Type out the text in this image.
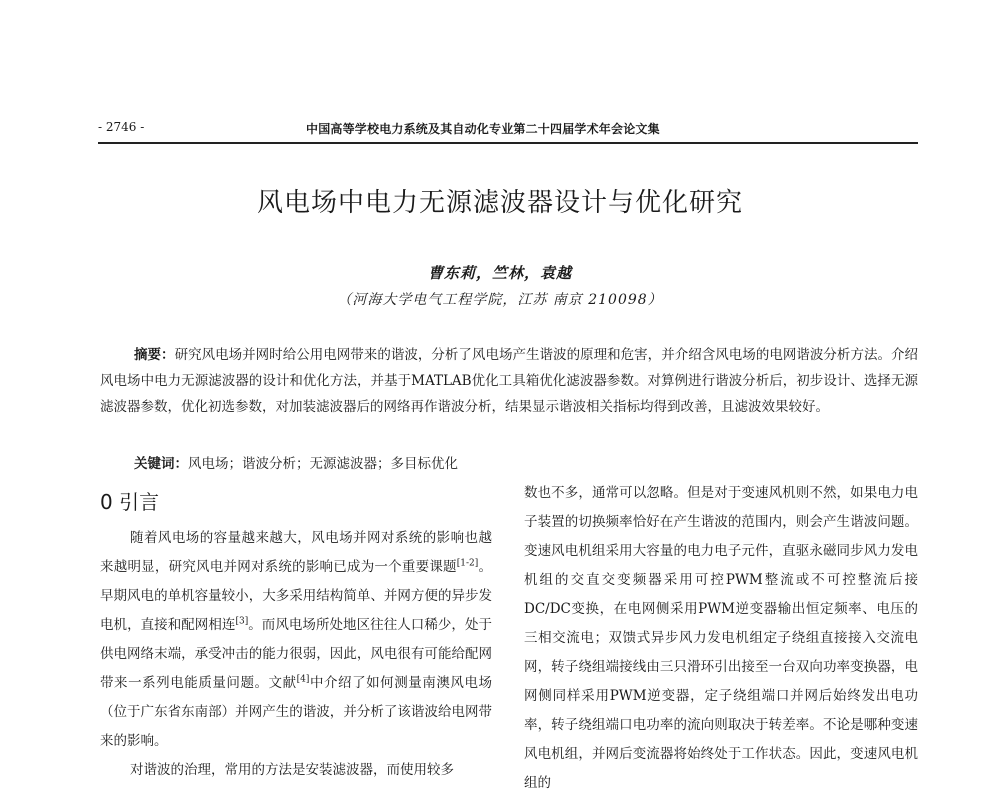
- 2746 -	中国高等学校电力系统及其自动化专业第二十四届学术年会论文集
风电场中电力无源滤波器设计与优化研究
曹东莉，竺林，袁越
（河海大学电气工程学院，江苏 南京 210098）
摘要：研究风电场并网时给公用电网带来的谐波，分析了风电场产生谐波的原理和危害，并介绍含风电场的电网谐波分析方法。介绍风电场中电力无源滤波器的设计和优化方法，并基于MATLAB优化工具箱优化滤波器参数。对算例进行谐波分析后，初步设计、选择无源滤波器参数，优化初选参数，对加装滤波器后的网络再作谐波分析，结果显示谐波相关指标均得到改善，且滤波效果较好。
关键词：风电场；谐波分析；无源滤波器；多目标优化
0 引言

随着风电场的容量越来越大，风电场并网对系统的影响也越来越明显，研究风电并网对系统的影响已成为一个重要课题[1-2]。早期风电的单机容量较小，大多采用结构简单、并网方便的异步发电机，直接和配网相连[3]。而风电场所处地区往往人口稀少，处于供电网络末端，承受冲击的能力很弱，因此，风电很有可能给配网带来一系列电能质量问题。文献[4]中介绍了如何测量南澳风电场（位于广东省东南部）并网产生的谐波，并分析了该谐波给电网带来的影响。

对谐波的治理，常用的方法是安装滤波器，而使用较多

数也不多，通常可以忽略。但是对于变速风机则不然，如果电力电子装置的切换频率恰好在产生谐波的范围内，则会产生谐波问题。变速风电机组采用大容量的电力电子元件，直驱永磁同步风力发电机组的交直交变频器采用可控PWM整流或不可控整流后接DC/DC变换，在电网侧采用PWM逆变器输出恒定频率、电压的三相交流电；双馈式异步风力发电机组定子绕组直接接入交流电网，转子绕组端接线由三只滑环引出接至一台双向功率变换器，电网侧同样采用PWM逆变器，定子绕组端口并网后始终发出电功率，转子绕组端口电功率的流向则取决于转差率。不论是哪种变速风电机组，并网后变流器将始终处于工作状态。因此，变速风电机组的
